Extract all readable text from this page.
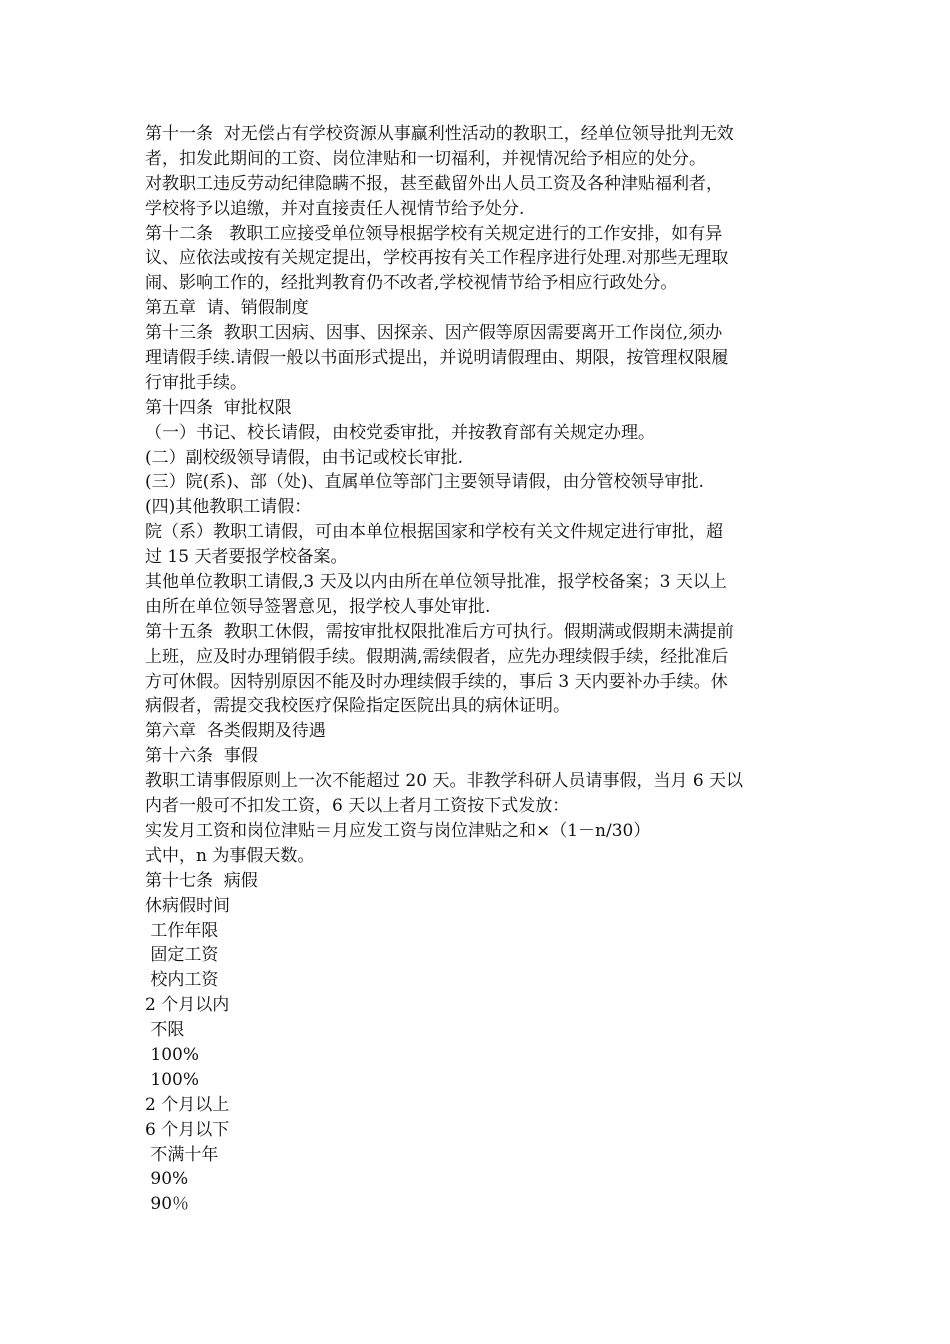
第十一条  对无偿占有学校资源从事赢利性活动的教职工，经单位领导批判无效
者，扣发此期间的工资、岗位津贴和一切福利，并视情况给予相应的处分。
对教职工违反劳动纪律隐瞒不报，甚至截留外出人员工资及各种津贴福利者，
学校将予以追缴，并对直接责任人视情节给予处分.
第十二条   教职工应接受单位领导根据学校有关规定进行的工作安排，如有异
议、应依法或按有关规定提出，学校再按有关工作程序进行处理.对那些无理取
闹、影响工作的，经批判教育仍不改者,学校视情节给予相应行政处分。
第五章  请、销假制度
第十三条  教职工因病、因事、因探亲、因产假等原因需要离开工作岗位,须办
理请假手续.请假一般以书面形式提出，并说明请假理由、期限，按管理权限履
行审批手续。
第十四条  审批权限
（一）书记、校长请假，由校党委审批，并按教育部有关规定办理。
(二）副校级领导请假，由书记或校长审批.
(三）院(系)、部（处)、直属单位等部门主要领导请假，由分管校领导审批.
(四)其他教职工请假：
院（系）教职工请假，可由本单位根据国家和学校有关文件规定进行审批，超
过 15 天者要报学校备案。
其他单位教职工请假,3 天及以内由所在单位领导批准，报学校备案；3 天以上
由所在单位领导签署意见，报学校人事处审批.
第十五条  教职工休假，需按审批权限批准后方可执行。假期满或假期未满提前
上班，应及时办理销假手续。假期满,需续假者，应先办理续假手续，经批准后
方可休假。因特别原因不能及时办理续假手续的，事后 3 天内要补办手续。休
病假者，需提交我校医疗保险指定医院出具的病休证明。
第六章  各类假期及待遇
第十六条  事假
教职工请事假原则上一次不能超过 20 天。非教学科研人员请事假，当月 6 天以
内者一般可不扣发工资，6 天以上者月工资按下式发放：
实发月工资和岗位津贴＝月应发工资与岗位津贴之和×（1－n/30）
式中，n 为事假天数。
第十七条  病假
休病假时间
工作年限
固定工资
校内工资
2 个月以内
不限
100%
100%
2 个月以上
6 个月以下
不满十年
90%
90％
